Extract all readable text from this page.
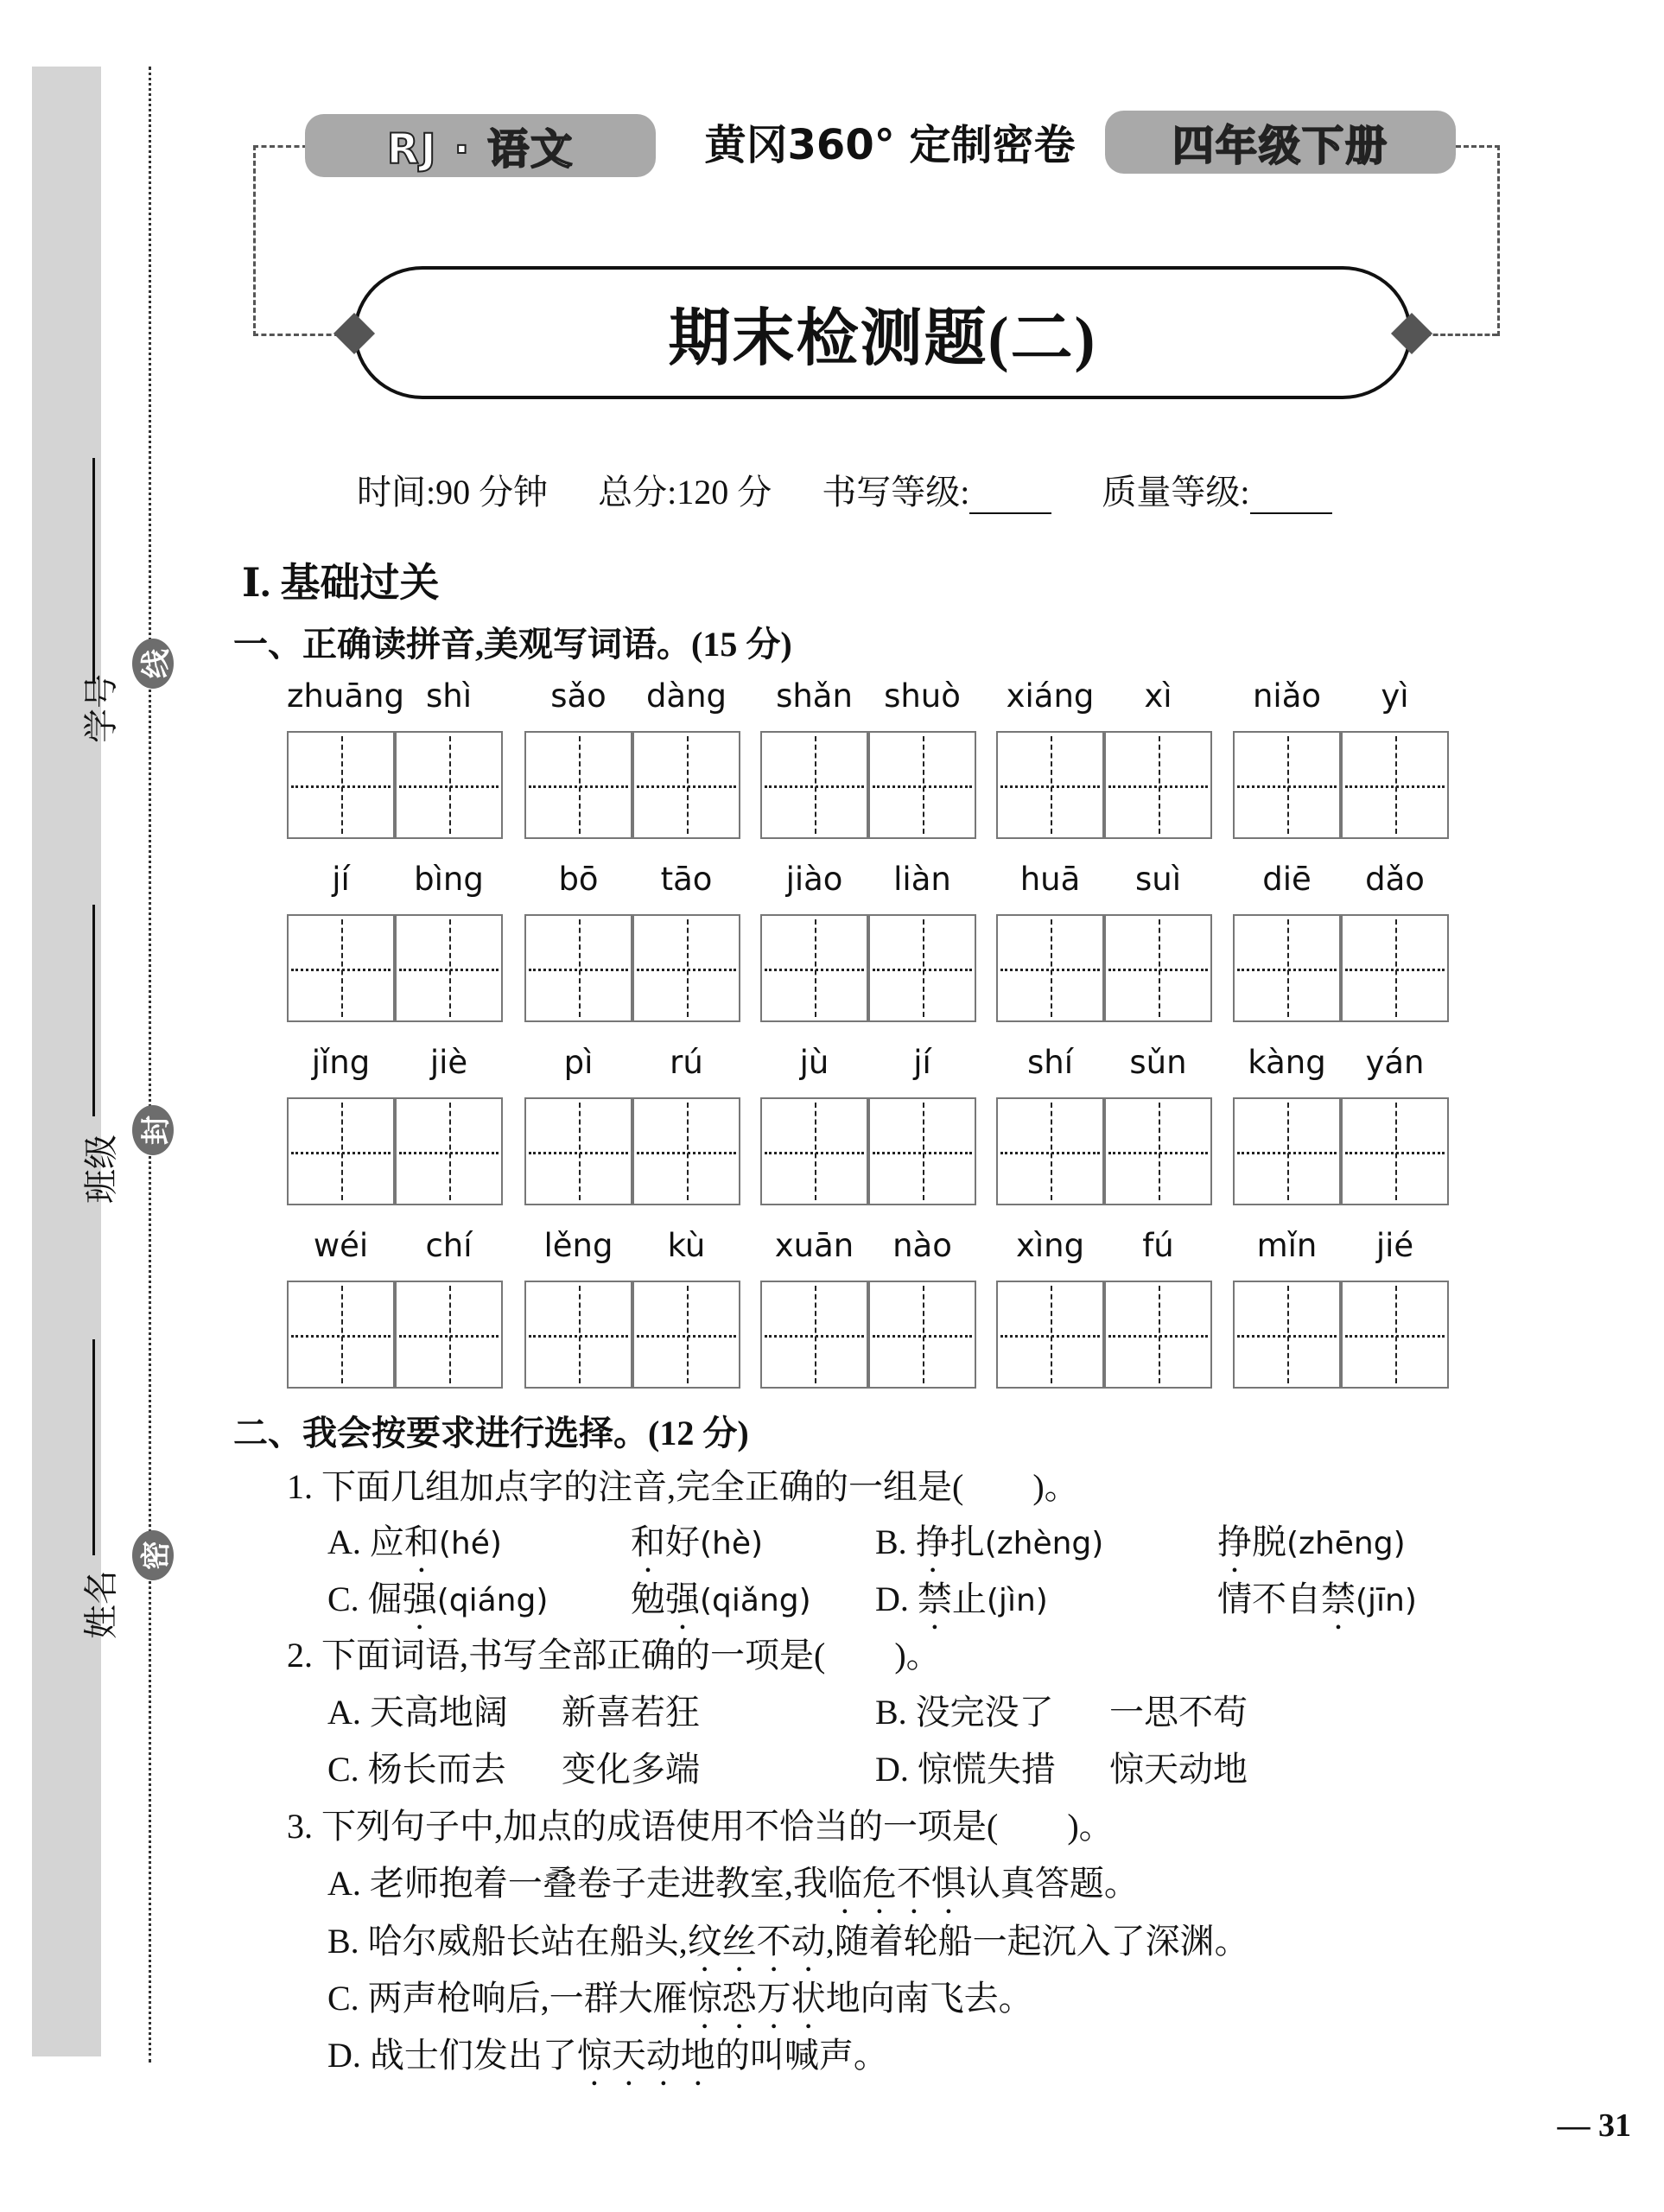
学号
班级
姓名
线
封
密
RJ · 语文	黄冈360° 定制密卷	四年级下册
期末检测题(二)
时间:90 分钟 总分:120 分 书写等级:	质量等级:
Ⅰ. 基础过关
一、正确读拼音,美观写词语。(15 分)
zhuāng shì	sǎo	dàng	shǎn shuò	xiáng	xì	niǎo	yì
jí	bìng	bō	tāo	jiào	liàn	huā	suì	diē	dǎo
jǐng	jiè	pì	rú	jù	jí	shí	sǔn	kàng	yán
wéi	chí	lěng	kù	xuān	nào	xìng	fú	mǐn	jié
二、我会按要求进行选择。(12 分)
1. 下面几组加点字的注音,完全正确的一组是(　　)。
A. 应和(hé)	和好(hè)	B. 挣扎(zhèng)	挣脱(zhēng)
C. 倔强(qiáng) 勉强(qiǎng) D. 禁止(jìn)	情不自禁(jīn)
2. 下面词语,书写全部正确的一项是(　　)。
A. 天高地阔 新喜若狂	B. 没完没了 一思不苟
C. 杨长而去 变化多端	D. 惊慌失措 惊天动地
3. 下列句子中,加点的成语使用不恰当的一项是(　　)。
A. 老师抱着一叠卷子走进教室,我临危不惧认真答题。
B. 哈尔威船长站在船头,纹丝不动,随着轮船一起沉入了深渊。
C. 两声枪响后,一群大雁惊恐万状地向南飞去。
D. 战士们发出了惊天动地的叫喊声。
— 31
